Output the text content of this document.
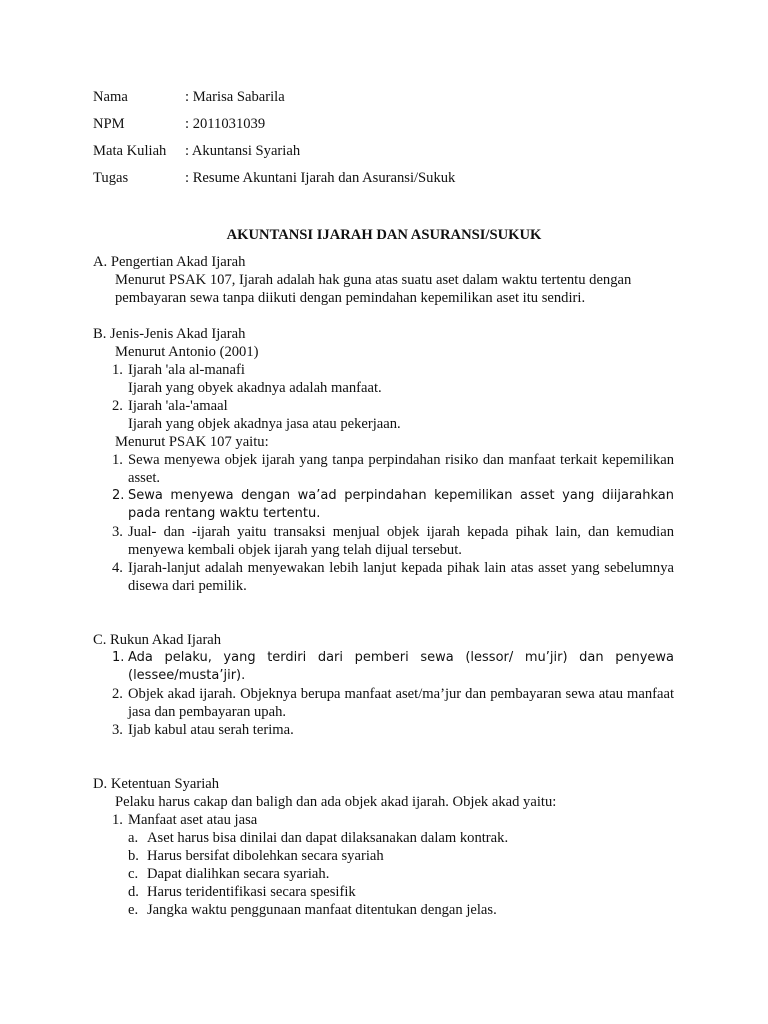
Nama	: Marisa Sabarila
NPM	: 2011031039
Mata Kuliah : Akuntansi Syariah
Tugas	: Resume Akuntani Ijarah dan Asuransi/Sukuk
AKUNTANSI IJARAH DAN ASURANSI/SUKUK

A. Pengertian Akad Ijarah

Menurut PSAK 107, Ijarah adalah hak guna atas suatu aset dalam waktu tertentu dengan

pembayaran sewa tanpa diikuti dengan pemindahan kepemilikan aset itu sendiri.

B. Jenis-Jenis Akad Ijarah

Menurut Antonio (2001)

1. Ijarah 'ala al-manafi
Ijarah yang obyek akadnya adalah manfaat.
2. Ijarah 'ala-'amaal
Ijarah yang objek akadnya jasa atau pekerjaan.

Menurut PSAK 107 yaitu:

1. Sewa menyewa objek ijarah yang tanpa perpindahan risiko dan manfaat terkait kepemilikan asset.
2. Sewa menyewa dengan wa’ad perpindahan kepemilikan asset yang diijarahkan pada rentang waktu tertentu.
3. Jual- dan -ijarah yaitu transaksi menjual objek ijarah kepada pihak lain, dan kemudian menyewa kembali objek ijarah yang telah dijual tersebut.
4. Ijarah-lanjut adalah menyewakan lebih lanjut kepada pihak lain atas asset yang sebelumnya disewa dari pemilik.

C. Rukun Akad Ijarah

1. Ada pelaku, yang terdiri dari pemberi sewa (lessor/ mu’jir) dan penyewa (lessee/musta’jir).
2. Objek akad ijarah. Objeknya berupa manfaat aset/ma’jur dan pembayaran sewa atau manfaat jasa dan pembayaran upah.
3. Ijab kabul atau serah terima.

D. Ketentuan Syariah

Pelaku harus cakap dan baligh dan ada objek akad ijarah. Objek akad yaitu:

1. Manfaat aset atau jasa
a. Aset harus bisa dinilai dan dapat dilaksanakan dalam kontrak.
b. Harus bersifat dibolehkan secara syariah
c. Dapat dialihkan secara syariah.
d. Harus teridentifikasi secara spesifik
e. Jangka waktu penggunaan manfaat ditentukan dengan jelas.
